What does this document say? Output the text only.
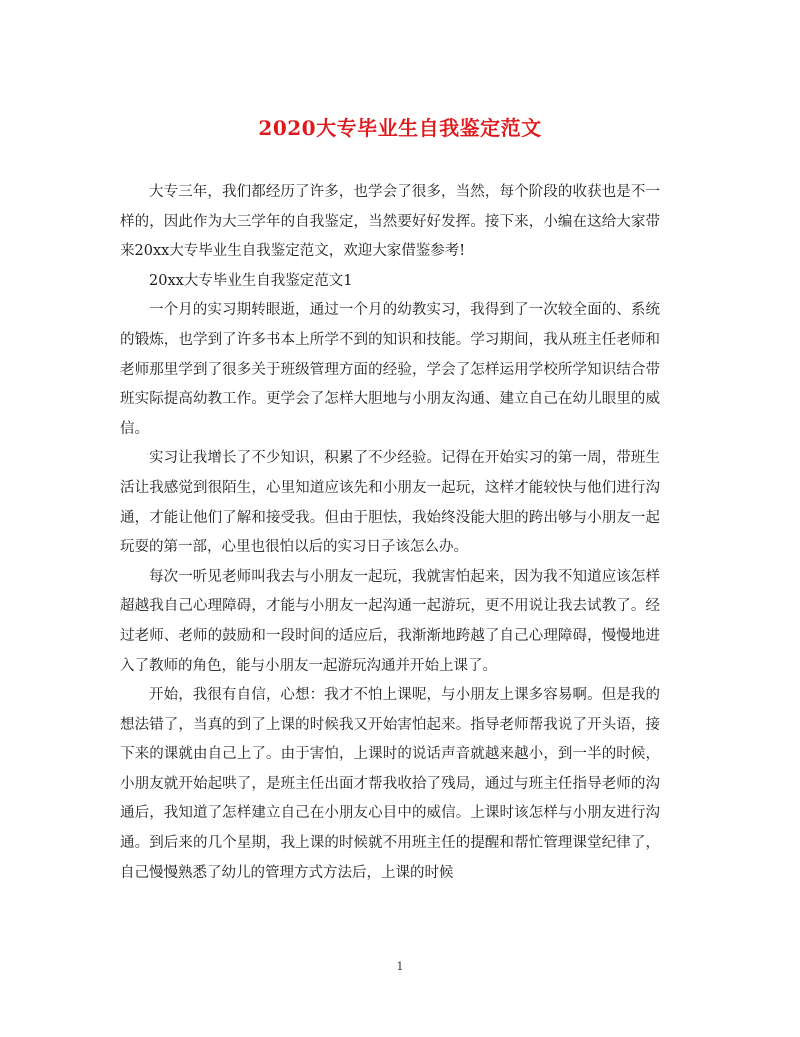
2020大专毕业生自我鉴定范文

大专三年，我们都经历了许多，也学会了很多，当然，每个阶段的收获也是不一样的，因此作为大三学年的自我鉴定，当然要好好发挥。接下来，小编在这给大家带来20xx大专毕业生自我鉴定范文，欢迎大家借鉴参考!

20xx大专毕业生自我鉴定范文1

一个月的实习期转眼逝，通过一个月的幼教实习，我得到了一次较全面的、系统的锻炼，也学到了许多书本上所学不到的知识和技能。学习期间，我从班主任老师和老师那里学到了很多关于班级管理方面的经验，学会了怎样运用学校所学知识结合带班实际提高幼教工作。更学会了怎样大胆地与小朋友沟通、建立自己在幼儿眼里的威信。

实习让我增长了不少知识，积累了不少经验。记得在开始实习的第一周，带班生活让我感觉到很陌生，心里知道应该先和小朋友一起玩，这样才能较快与他们进行沟通，才能让他们了解和接受我。但由于胆怯，我始终没能大胆的跨出够与小朋友一起玩耍的第一部，心里也很怕以后的实习日子该怎么办。

每次一听见老师叫我去与小朋友一起玩，我就害怕起来，因为我不知道应该怎样超越我自己心理障碍，才能与小朋友一起沟通一起游玩，更不用说让我去试教了。经过老师、老师的鼓励和一段时间的适应后，我渐渐地跨越了自己心理障碍，慢慢地进入了教师的角色，能与小朋友一起游玩沟通并开始上课了。

开始，我很有自信，心想：我才不怕上课呢，与小朋友上课多容易啊。但是我的想法错了，当真的到了上课的时候我又开始害怕起来。指导老师帮我说了开头语，接下来的课就由自己上了。由于害怕，上课时的说话声音就越来越小，到一半的时候，小朋友就开始起哄了，是班主任出面才帮我收拾了残局，通过与班主任指导老师的沟通后，我知道了怎样建立自己在小朋友心目中的威信。上课时该怎样与小朋友进行沟通。到后来的几个星期，我上课的时候就不用班主任的提醒和帮忙管理课堂纪律了，自己慢慢熟悉了幼儿的管理方式方法后，上课的时候

1
